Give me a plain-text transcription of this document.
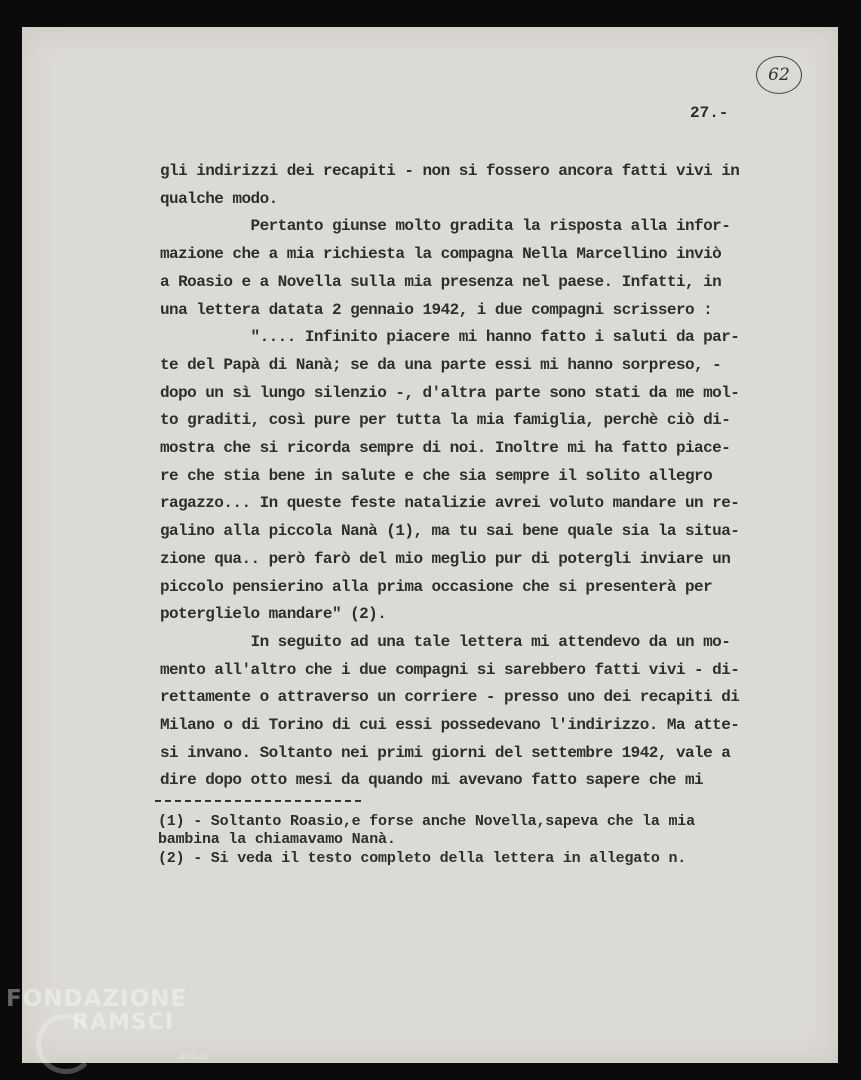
62
27.-
gli indirizzi dei recapiti - non si fossero ancora fatti vivi in
qualche modo.
Pertanto giunse molto gradita la risposta alla infor-
mazione che a mia richiesta la compagna Nella Marcellino inviò
a Roasio e a Novella sulla mia presenza nel paese. Infatti, in
una lettera datata 2 gennaio 1942, i due compagni scrissero :
".... Infinito piacere mi hanno fatto i saluti da par-
te del Papà di Nanà; se da una parte essi mi hanno sorpreso, -
dopo un sì lungo silenzio -, d'altra parte sono stati da me mol-
to graditi, così pure per tutta la mia famiglia, perchè ciò di-
mostra che si ricorda sempre di noi. Inoltre mi ha fatto piace-
re che stia bene in salute e che sia sempre il solito allegro
ragazzo... In queste feste natalizie avrei voluto mandare un re-
galino alla piccola Nanà (1), ma tu sai bene quale sia la situa-
zione qua.. però farò del mio meglio pur di potergli inviare un
piccolo pensierino alla prima occasione che si presenterà per
poterglielo mandare" (2).
In seguito ad una tale lettera mi attendevo da un mo-
mento all'altro che i due compagni si sarebbero fatti vivi - di-
rettamente o attraverso un corriere - presso uno dei recapiti di
Milano o di Torino di cui essi possedevano l'indirizzo. Ma atte-
si invano. Soltanto nei primi giorni del settembre 1942, vale a
dire dopo otto mesi da quando mi avevano fatto sapere che mi
(1) - Soltanto Roasio,e forse anche Novella,sapeva che la mia
bambina la chiamavamo Nanà.
(2) - Si veda il testo completo della lettera in allegato n.
FONDAZIONE
RAMSCI
onlus
